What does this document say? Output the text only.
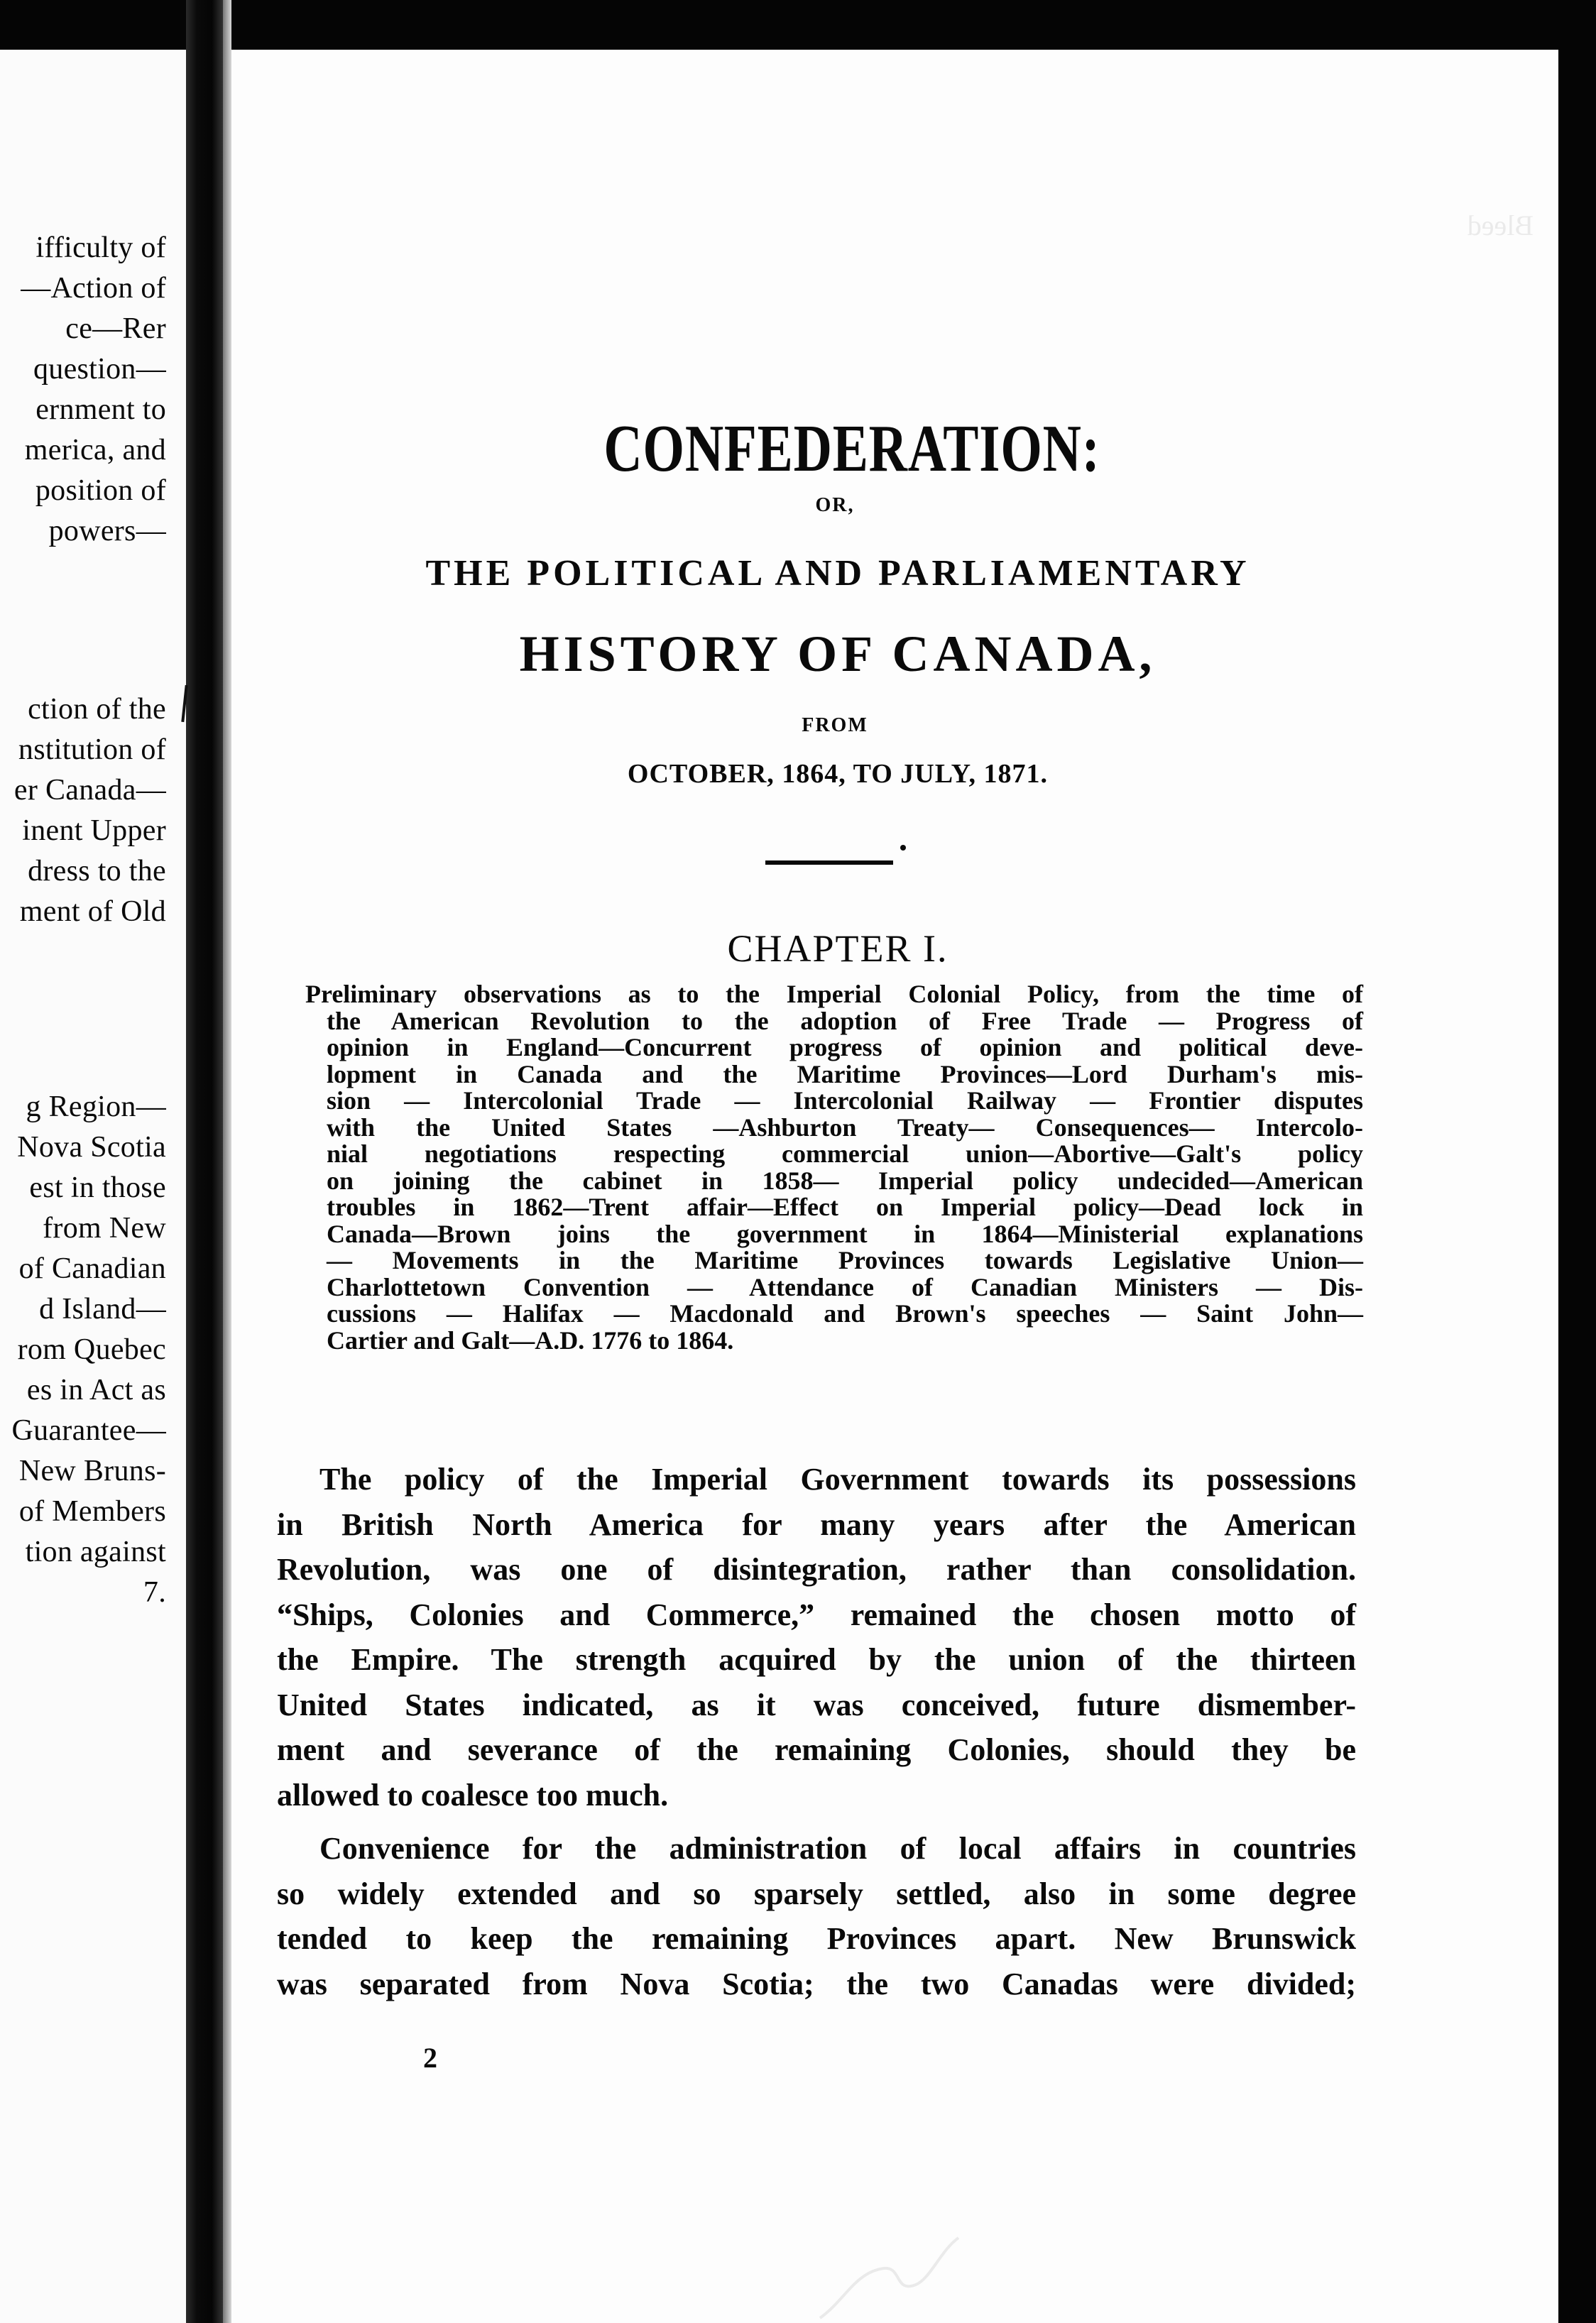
ifficulty of
—Action of
ce—Rer
question—
ernment to
merica, and
position of
powers—
ction of the
nstitution of
er Canada—
inent Upper
dress to the
ment of Old
g Region—
Nova Scotia
est in those
from New
of Canadian
d Island—
rom Quebec
es in Act as
Guarantee—
New Bruns-
of Members
tion against
7.
CONFEDERATION:
OR,
THE POLITICAL AND PARLIAMENTARY
HISTORY OF CANADA,
FROM
OCTOBER, 1864, TO JULY, 1871.
CHAPTER I.
Preliminary observations as to the Imperial Colonial Policy, from the time of
the American Revolution to the adoption of Free Trade — Progress of
opinion in England—Concurrent progress of opinion and political deve-
lopment in Canada and the Maritime Provinces—Lord Durham's mis-
sion — Intercolonial Trade — Intercolonial Railway — Frontier disputes
with the United States —Ashburton Treaty— Consequences— Intercolo-
nial negotiations respecting commercial union—Abortive—Galt's policy
on joining the cabinet in 1858— Imperial policy undecided—American
troubles in 1862—Trent affair—Effect on Imperial policy—Dead lock in
Canada—Brown joins the government in 1864—Ministerial explanations
— Movements in the Maritime Provinces towards Legislative Union—
Charlottetown Convention — Attendance of Canadian Ministers — Dis-
cussions — Halifax — Macdonald and Brown's speeches — Saint John—
Cartier and Galt—A.D. 1776 to 1864.
The policy of the Imperial Government towards its possessions
in British North America for many years after the American
Revolution, was one of disintegration, rather than consolidation.
“Ships, Colonies and Commerce,” remained the chosen motto of
the Empire. The strength acquired by the union of the thirteen
United States indicated, as it was conceived, future dismember-
ment and severance of the remaining Colonies, should they be
allowed to coalesce too much.
Convenience for the administration of local affairs in countries
so widely extended and so sparsely settled, also in some degree
tended to keep the remaining Provinces apart. New Brunswick
was separated from Nova Scotia; the two Canadas were divided;
2
